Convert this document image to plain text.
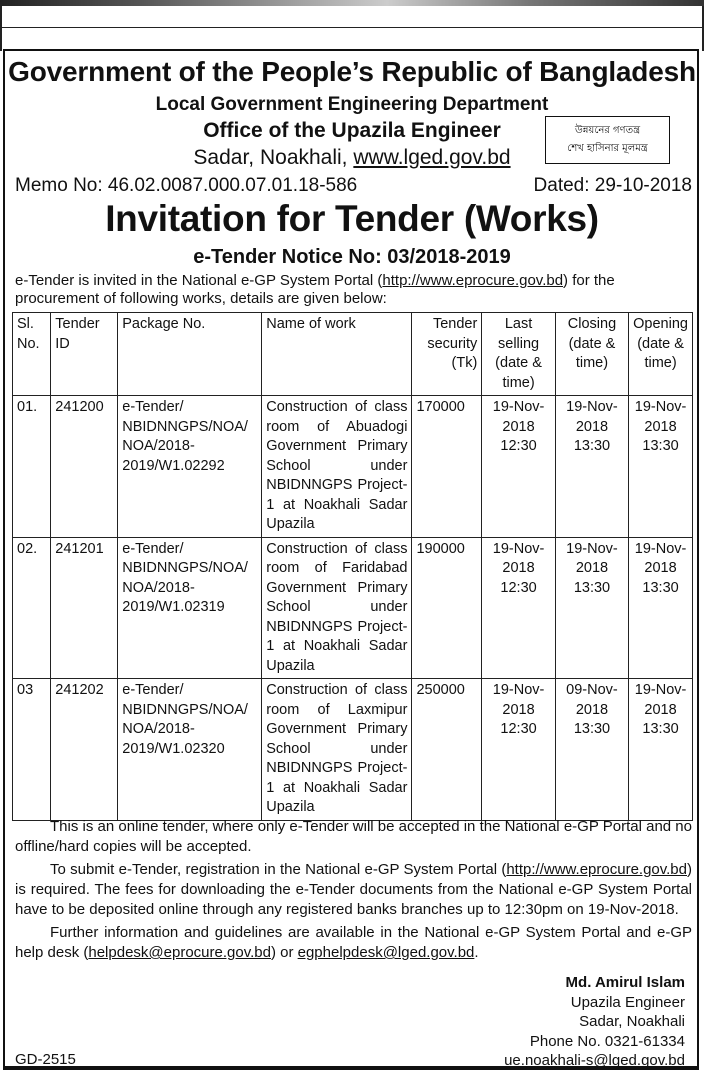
Government of the People’s Republic of Bangladesh
Local Government Engineering Department
Office of the Upazila Engineer
Sadar, Noakhali, www.lged.gov.bd
উন্নয়নের গণতন্ত্র
শেখ হাসিনার মূলমন্ত্র
Memo No: 46.02.0087.000.07.01.18-586	Dated: 29-10-2018
Invitation for Tender (Works)
e-Tender Notice No: 03/2018-2019
e-Tender is invited in the National e-GP System Portal (http://www.eprocure.gov.bd) for the procurement of following works, details are given below:
Sl. No.	Tender ID	Package No.	Name of work	Tender security (Tk)	Last selling (date & time)	Closing (date & time)	Opening (date & time)
01.	241200	e-Tender/ NBIDNNGPS/NOA/ NOA/2018-2019/W1.02292	Construction of class room of Abuadogi Government Primary School under NBIDNNGPS Project-1 at Noakhali Sadar Upazila	170000	19-Nov-2018 12:30	19-Nov-2018 13:30	19-Nov-2018 13:30
02.	241201	e-Tender/ NBIDNNGPS/NOA/ NOA/2018-2019/W1.02319	Construction of class room of Faridabad Government Primary School under NBIDNNGPS Project-1 at Noakhali Sadar Upazila	190000	19-Nov-2018 12:30	19-Nov-2018 13:30	19-Nov-2018 13:30
03	241202	e-Tender/ NBIDNNGPS/NOA/ NOA/2018-2019/W1.02320	Construction of class room of Laxmipur Government Primary School under NBIDNNGPS Project-1 at Noakhali Sadar Upazila	250000	19-Nov-2018 12:30	09-Nov-2018 13:30	19-Nov-2018 13:30
This is an online tender, where only e-Tender will be accepted in the National e-GP Portal and no offline/hard copies will be accepted.
To submit e-Tender, registration in the National e-GP System Portal (http://www.eprocure.gov.bd) is required. The fees for downloading the e-Tender documents from the National e-GP System Portal have to be deposited online through any registered banks branches up to 12:30pm on 19-Nov-2018.
Further information and guidelines are available in the National e-GP System Portal and e-GP help desk (helpdesk@eprocure.gov.bd) or egphelpdesk@lged.gov.bd.
Md. Amirul Islam
Upazila Engineer
Sadar, Noakhali
Phone No. 0321-61334
ue.noakhali-s@lged.gov.bd
GD-2515
